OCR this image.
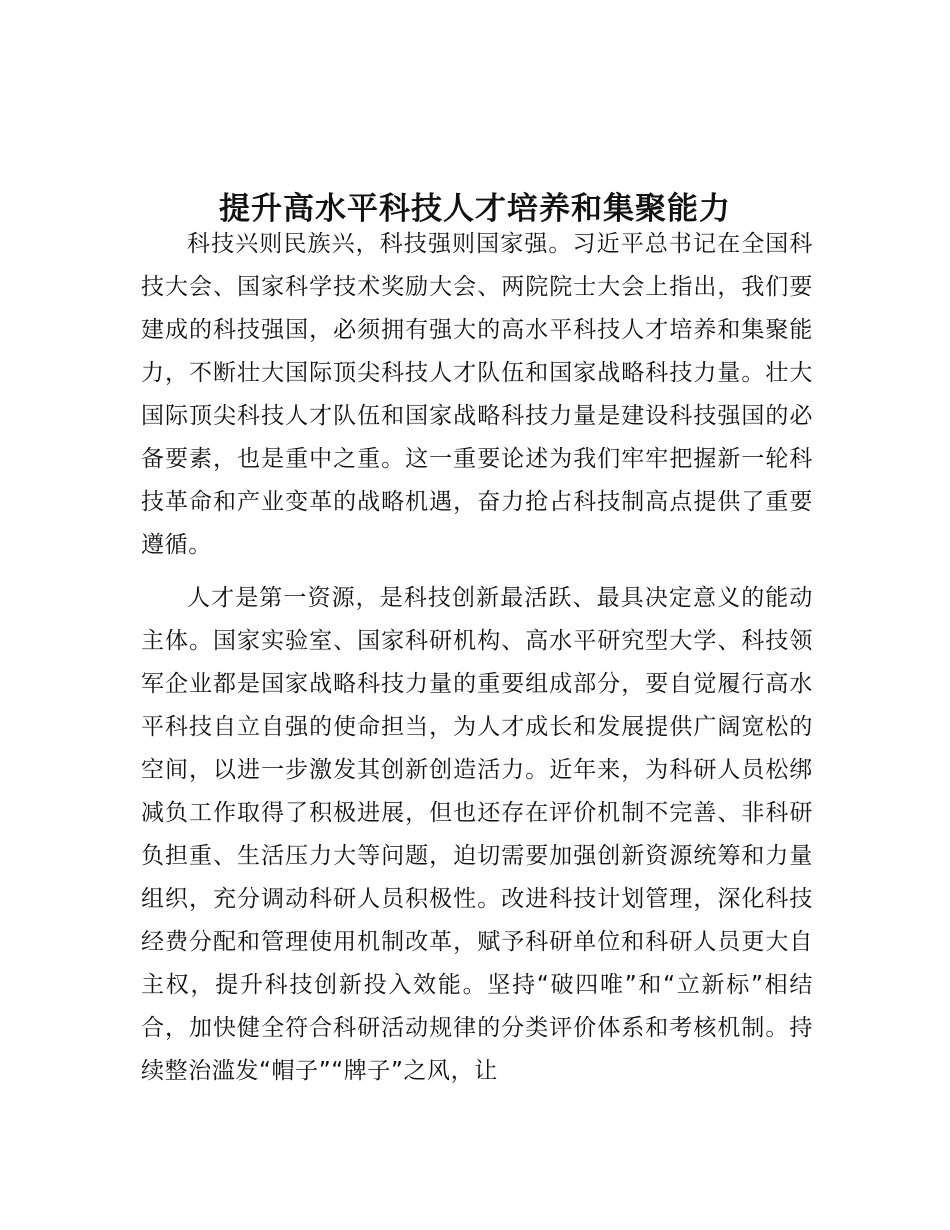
提升高水平科技人才培养和集聚能力

科技兴则民族兴，科技强则国家强。习近平总书记在全国科技大会、国家科学技术奖励大会、两院院士大会上指出，我们要建成的科技强国，必须拥有强大的高水平科技人才培养和集聚能力，不断壮大国际顶尖科技人才队伍和国家战略科技力量。壮大国际顶尖科技人才队伍和国家战略科技力量是建设科技强国的必备要素，也是重中之重。这一重要论述为我们牢牢把握新一轮科技革命和产业变革的战略机遇，奋力抢占科技制高点提供了重要遵循。

人才是第一资源，是科技创新最活跃、最具决定意义的能动主体。国家实验室、国家科研机构、高水平研究型大学、科技领军企业都是国家战略科技力量的重要组成部分，要自觉履行高水平科技自立自强的使命担当，为人才成长和发展提供广阔宽松的空间，以进一步激发其创新创造活力。近年来，为科研人员松绑减负工作取得了积极进展，但也还存在评价机制不完善、非科研负担重、生活压力大等问题，迫切需要加强创新资源统筹和力量组织，充分调动科研人员积极性。改进科技计划管理，深化科技经费分配和管理使用机制改革，赋予科研单位和科研人员更大自主权，提升科技创新投入效能。坚持“破四唯”和“立新标”相结合，加快健全符合科研活动规律的分类评价体系和考核机制。持续整治滥发“帽子”“牌子”之风，让
